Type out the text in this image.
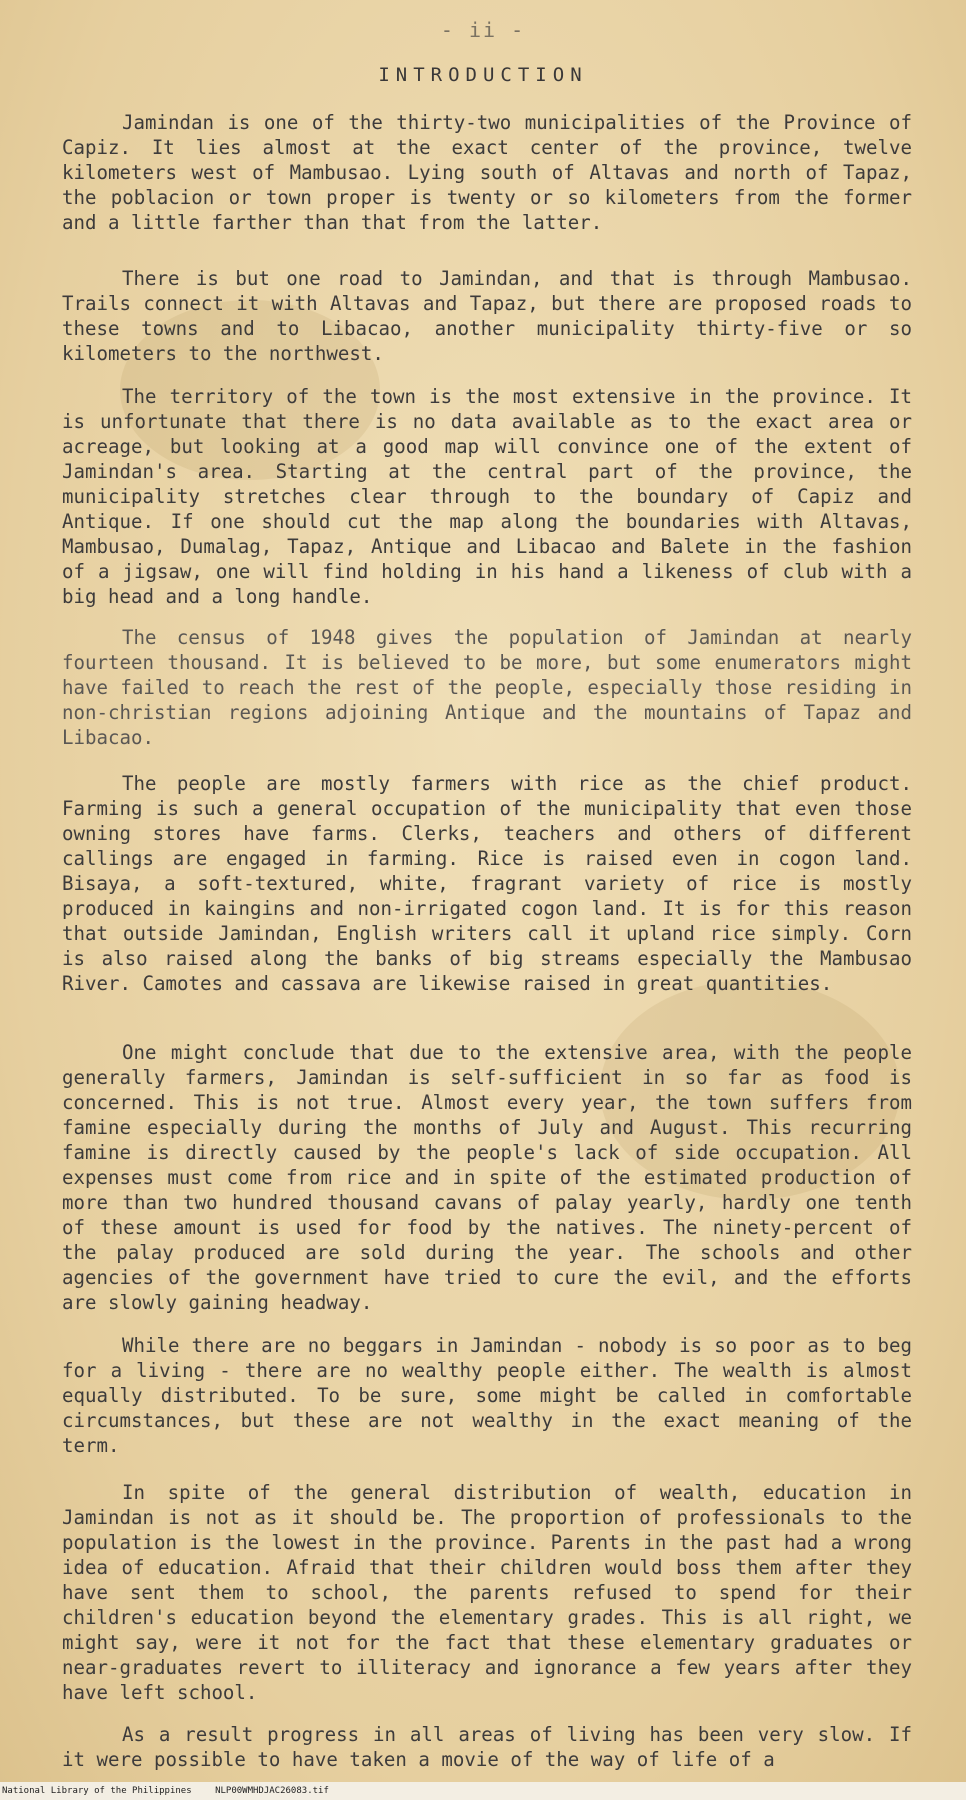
- ii -
INTRODUCTION

Jamindan is one of the thirty-two municipalities of the Province of Capiz. It lies almost at the exact center of the province, twelve kilometers west of Mambusao. Lying south of Altavas and north of Tapaz, the poblacion or town proper is twenty or so kilometers from the former and a little farther than that from the latter.

There is but one road to Jamindan, and that is through Mambusao. Trails connect it with Altavas and Tapaz, but there are proposed roads to these towns and to Libacao, another municipality thirty-five or so kilometers to the northwest.

The territory of the town is the most extensive in the province. It is unfortunate that there is no data available as to the exact area or acreage, but looking at a good map will convince one of the extent of Jamindan's area. Starting at the central part of the province, the municipality stretches clear through to the boundary of Capiz and Antique. If one should cut the map along the boundaries with Altavas, Mambusao, Dumalag, Tapaz, Antique and Libacao and Balete in the fashion of a jigsaw, one will find holding in his hand a likeness of club with a big head and a long handle.

The census of 1948 gives the population of Jamindan at nearly fourteen thousand. It is believed to be more, but some enumerators might have failed to reach the rest of the people, especially those residing in non-christian regions adjoining Antique and the mountains of Tapaz and Libacao.

The people are mostly farmers with rice as the chief product. Farming is such a general occupation of the municipality that even those owning stores have farms. Clerks, teachers and others of different callings are engaged in farming. Rice is raised even in cogon land. Bisaya, a soft-textured, white, fragrant variety of rice is mostly produced in kaingins and non-irrigated cogon land. It is for this reason that outside Jamindan, English writers call it upland rice simply. Corn is also raised along the banks of big streams especially the Mambusao River. Camotes and cassava are likewise raised in great quantities.

One might conclude that due to the extensive area, with the people generally farmers, Jamindan is self-sufficient in so far as food is concerned. This is not true. Almost every year, the town suffers from famine especially during the months of July and August. This recurring famine is directly caused by the people's lack of side occupation. All expenses must come from rice and in spite of the estimated production of more than two hundred thousand cavans of palay yearly, hardly one tenth of these amount is used for food by the natives. The ninety-percent of the palay produced are sold during the year. The schools and other agencies of the government have tried to cure the evil, and the efforts are slowly gaining headway.

While there are no beggars in Jamindan - nobody is so poor as to beg for a living - there are no wealthy people either. The wealth is almost equally distributed. To be sure, some might be called in comfortable circumstances, but these are not wealthy in the exact meaning of the term.

In spite of the general distribution of wealth, education in Jamindan is not as it should be. The proportion of professionals to the population is the lowest in the province. Parents in the past had a wrong idea of education. Afraid that their children would boss them after they have sent them to school, the parents refused to spend for their children's education beyond the elementary grades. This is all right, we might say, were it not for the fact that these elementary graduates or near-graduates revert to illiteracy and ignorance a few years after they have left school.

As a result progress in all areas of living has been very slow. If it were possible to have taken a movie of the way of life of a

National Library of the Philippines	NLP00WMHDJAC26083.tif
